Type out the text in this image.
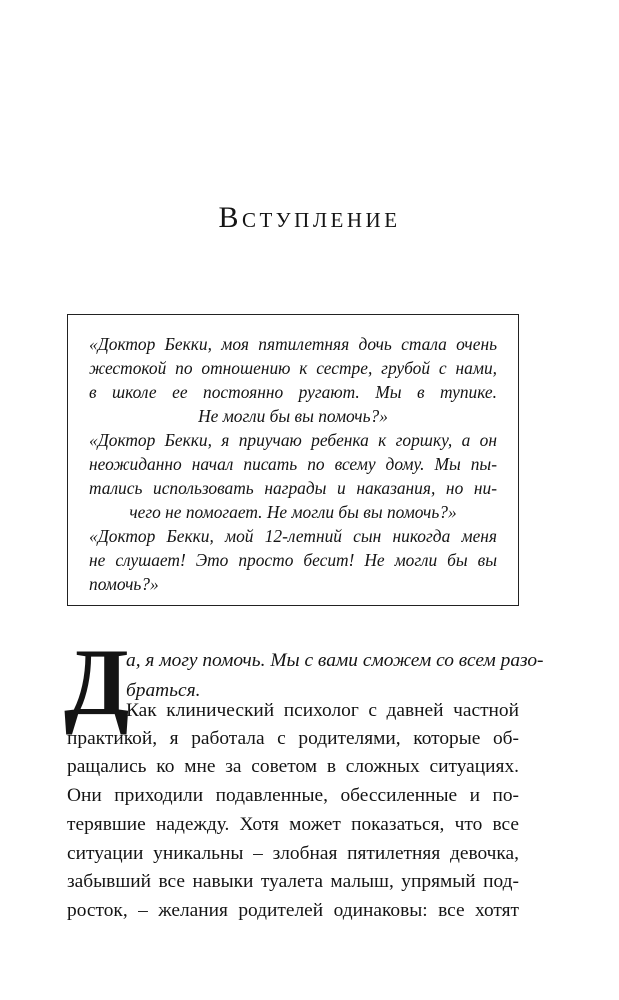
Вступление
«Доктор Бекки, моя пятилетняя дочь стала очень
жестокой по отношению к сестре, грубой с нами,
в школе ее постоянно ругают. Мы в тупике.
Не могли бы вы помочь?»
«Доктор Бекки, я приучаю ребенка к горшку, а он
неожиданно начал писать по всему дому. Мы пы-
тались использовать награды и наказания, но ни-
чего не помогает. Не могли бы вы помочь?»
«Доктор Бекки, мой 12-летний сын никогда меня
не слушает! Это просто бесит! Не могли бы вы
помочь?»
Д
а, я могу помочь. Мы с вами сможем со всем разо-
браться.
Как клинический психолог с давней частной
практикой, я работала с родителями, которые об-
ращались ко мне за советом в сложных ситуациях.
Они приходили подавленные, обессиленные и по-
терявшие надежду. Хотя может показаться, что все
ситуации уникальны – злобная пятилетняя девочка,
забывший все навыки туалета малыш, упрямый под-
росток, – желания родителей одинаковы: все хотят
